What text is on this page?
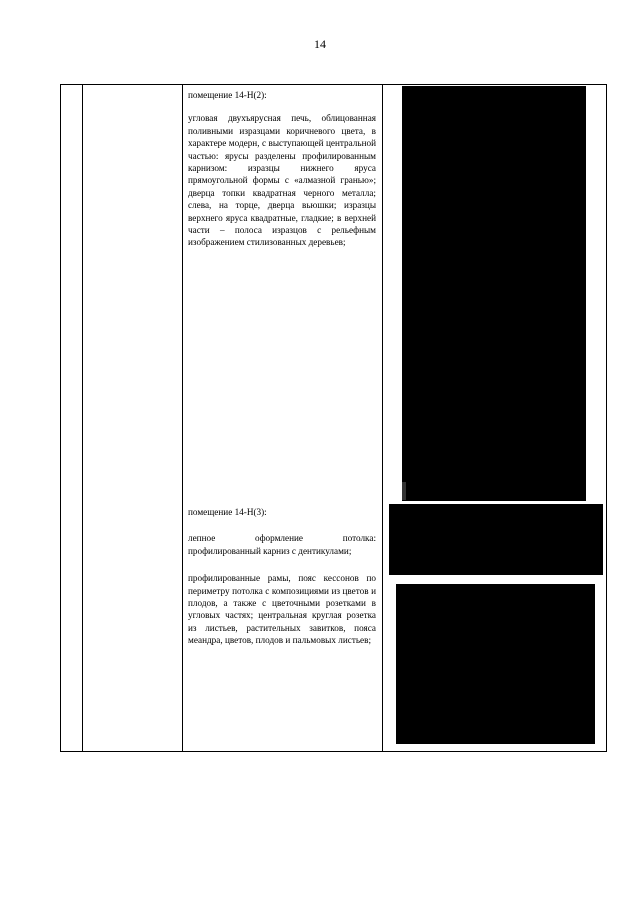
14

помещение 14-Н(2):

угловая двухъярусная печь, облицованная поливными изразцами коричневого цвета, в характере модерн, с выступающей центральной частью: ярусы разделены профилированным карнизом: изразцы нижнего яруса прямоугольной формы с «алмазной гранью»; дверца топки квадратная черного металла; слева, на торце, дверца вьюшки; изразцы верхнего яруса квадратные, гладкие; в верхней части – полоса изразцов с рельефным изображением стилизованных деревьев;

помещение 14-Н(3):

лепное оформление потолка: профилированный карниз с дентикулами;

профилированные рамы, пояс кессонов по периметру потолка с композициями из цветов и плодов, а также с цветочными розетками в угловых частях; центральная круглая розетка из листьев, растительных завитков, пояса меандра, цветов, плодов и пальмовых листьев;
